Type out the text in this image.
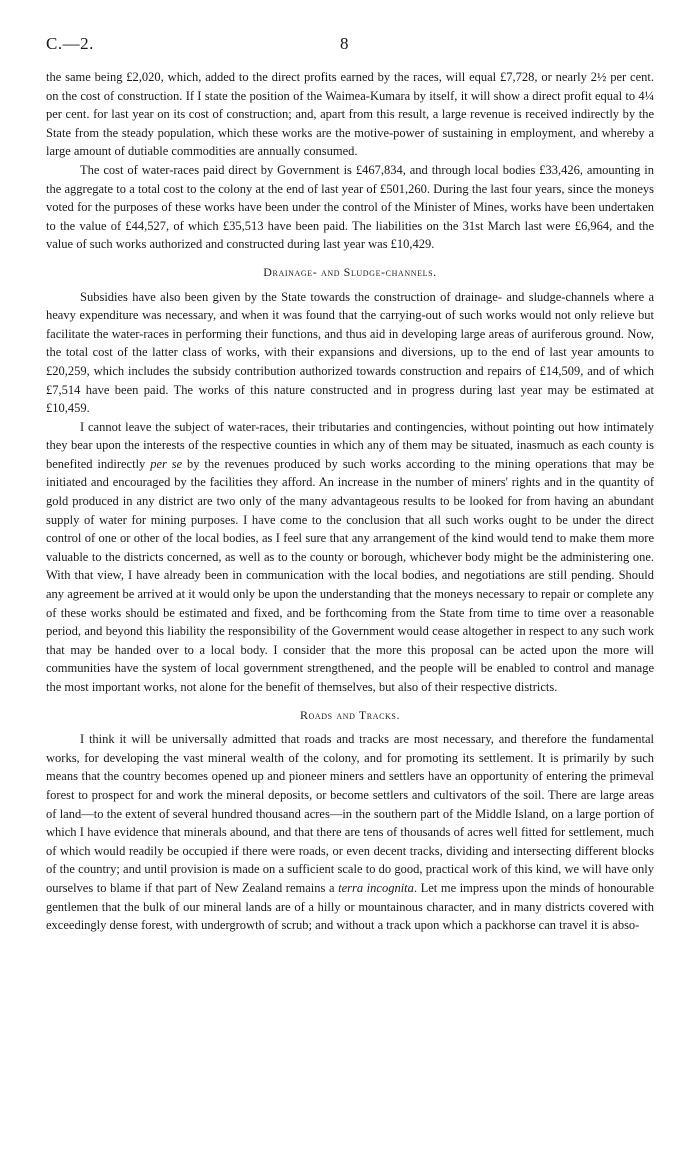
C.—2.	8

the same being £2,020, which, added to the direct profits earned by the races, will equal £7,728, or nearly 2½ per cent. on the cost of construction. If I state the position of the Waimea-Kumara by itself, it will show a direct profit equal to 4¼ per cent. for last year on its cost of construction; and, apart from this result, a large revenue is received indirectly by the State from the steady population, which these works are the motive-power of sustaining in employment, and whereby a large amount of dutiable commodities are annually consumed.

The cost of water-races paid direct by Government is £467,834, and through local bodies £33,426, amounting in the aggregate to a total cost to the colony at the end of last year of £501,260. During the last four years, since the moneys voted for the purposes of these works have been under the control of the Minister of Mines, works have been undertaken to the value of £44,527, of which £35,513 have been paid. The liabilities on the 31st March last were £6,964, and the value of such works authorized and constructed during last year was £10,429.

Drainage- and Sludge-channels.

Subsidies have also been given by the State towards the construction of drainage- and sludge-channels where a heavy expenditure was necessary, and when it was found that the carrying-out of such works would not only relieve but facilitate the water-races in performing their functions, and thus aid in developing large areas of auriferous ground. Now, the total cost of the latter class of works, with their expansions and diversions, up to the end of last year amounts to £20,259, which includes the subsidy contribution authorized towards construction and repairs of £14,509, and of which £7,514 have been paid. The works of this nature constructed and in progress during last year may be estimated at £10,459.

I cannot leave the subject of water-races, their tributaries and contingencies, without pointing out how intimately they bear upon the interests of the respective counties in which any of them may be situated, inasmuch as each county is benefited indirectly per se by the revenues produced by such works according to the mining operations that may be initiated and encouraged by the facilities they afford. An increase in the number of miners' rights and in the quantity of gold produced in any district are two only of the many advantageous results to be looked for from having an abundant supply of water for mining purposes. I have come to the conclusion that all such works ought to be under the direct control of one or other of the local bodies, as I feel sure that any arrangement of the kind would tend to make them more valuable to the districts concerned, as well as to the county or borough, whichever body might be the administering one. With that view, I have already been in communication with the local bodies, and negotiations are still pending. Should any agreement be arrived at it would only be upon the understanding that the moneys necessary to repair or complete any of these works should be estimated and fixed, and be forthcoming from the State from time to time over a reasonable period, and beyond this liability the responsibility of the Government would cease altogether in respect to any such work that may be handed over to a local body. I consider that the more this proposal can be acted upon the more will communities have the system of local government strengthened, and the people will be enabled to control and manage the most important works, not alone for the benefit of themselves, but also of their respective districts.

Roads and Tracks.

I think it will be universally admitted that roads and tracks are most necessary, and therefore the fundamental works, for developing the vast mineral wealth of the colony, and for promoting its settlement. It is primarily by such means that the country becomes opened up and pioneer miners and settlers have an opportunity of entering the primeval forest to prospect for and work the mineral deposits, or become settlers and cultivators of the soil. There are large areas of land—to the extent of several hundred thousand acres—in the southern part of the Middle Island, on a large portion of which I have evidence that minerals abound, and that there are tens of thousands of acres well fitted for settlement, much of which would readily be occupied if there were roads, or even decent tracks, dividing and intersecting different blocks of the country; and until provision is made on a sufficient scale to do good, practical work of this kind, we will have only ourselves to blame if that part of New Zealand remains a terra incognita. Let me impress upon the minds of honourable gentlemen that the bulk of our mineral lands are of a hilly or mountainous character, and in many districts covered with exceedingly dense forest, with undergrowth of scrub; and without a track upon which a packhorse can travel it is abso-
